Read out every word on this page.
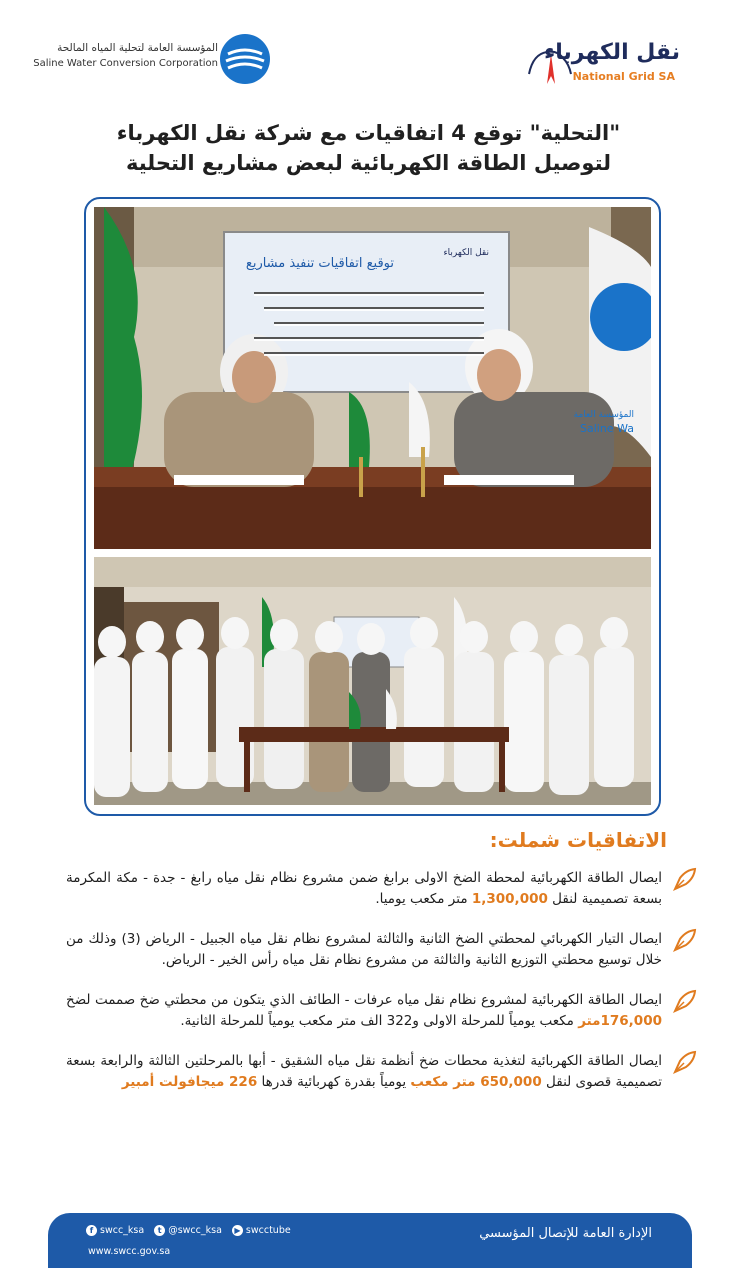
نقل الكهرباء
National Grid SA
المؤسسة العامة لتحلية المياه المالحة
Saline Water Conversion Corporation
"التحلية" توقع 4 اتفاقيات مع شركة نقل الكهرباء
لتوصيل الطاقة الكهربائية لبعض مشاريع التحلية
توقيع اتفاقيات تنفيذ مشاريع
نقل الكهرباء
Saline Wa
المؤسسة العامة
الاتفاقيات شملت:
ايصال الطاقة الكهربائية لمحطة الضخ الاولى برابغ ضمن مشروع نظام نقل مياه رابغ - جدة - مكة المكرمة بسعة تصميمية لنقل 1,300,000 متر مكعب يوميا.
ايصال التيار الكهربائي لمحطتي الضخ الثانية والثالثة لمشروع نظام نقل مياه الجبيل - الرياض (3) وذلك من خلال توسيع محطتي التوزيع الثانية والثالثة من مشروع نظام نقل مياه رأس الخير - الرياض.
ايصال الطاقة الكهربائية لمشروع نظام نقل مياه عرفات - الطائف الذي يتكون من محطتي ضخ صممت لضخ 176,000متر مكعب يومياً للمرحلة الاولى و322 الف متر مكعب يومياً للمرحلة الثانية.
ايصال الطاقة الكهربائية لتغذية محطات ضخ أنظمة نقل مياه الشقيق - أبها بالمرحلتين الثالثة والرابعة بسعة تصميمية قصوى لنقل 650,000 متر مكعب يومياً بقدرة كهربائية قدرها 226 ميجافولت أمبير
الإدارة العامة للإتصال المؤسسي
f swcc_ksa	t @swcc_ksa	▶ swcctube
www.swcc.gov.sa
